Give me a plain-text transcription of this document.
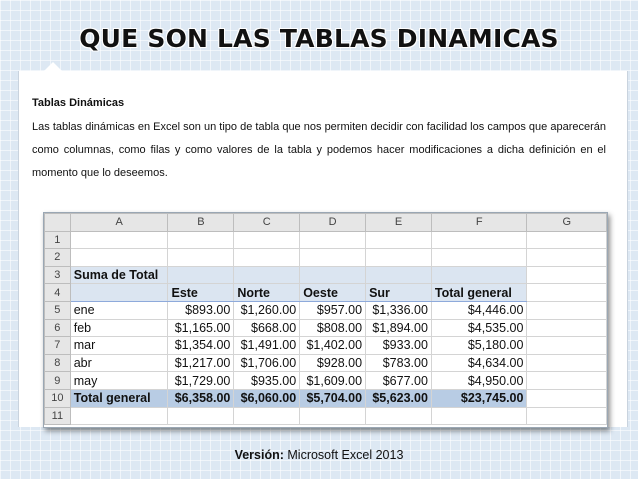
QUE SON LAS TABLAS DINAMICAS
Tablas Dinámicas
Las tablas dinámicas en Excel son un tipo de tabla que nos permiten decidir con facilidad los campos que aparecerán como columnas, como filas y como valores de la tabla y podemos hacer modificaciones a dicha definición en el momento que lo deseemos.
	A	B	C	D	E	F	G
1							
2							
3	Suma de Total						
4		Este	Norte	Oeste	Sur	Total general	
5	ene	$893.00	$1,260.00	$957.00	$1,336.00	$4,446.00	
6	feb	$1,165.00	$668.00	$808.00	$1,894.00	$4,535.00	
7	mar	$1,354.00	$1,491.00	$1,402.00	$933.00	$5,180.00	
8	abr	$1,217.00	$1,706.00	$928.00	$783.00	$4,634.00	
9	may	$1,729.00	$935.00	$1,609.00	$677.00	$4,950.00	
10	Total general	$6,358.00	$6,060.00	$5,704.00	$5,623.00	$23,745.00	
11							
Versión: Microsoft Excel 2013
